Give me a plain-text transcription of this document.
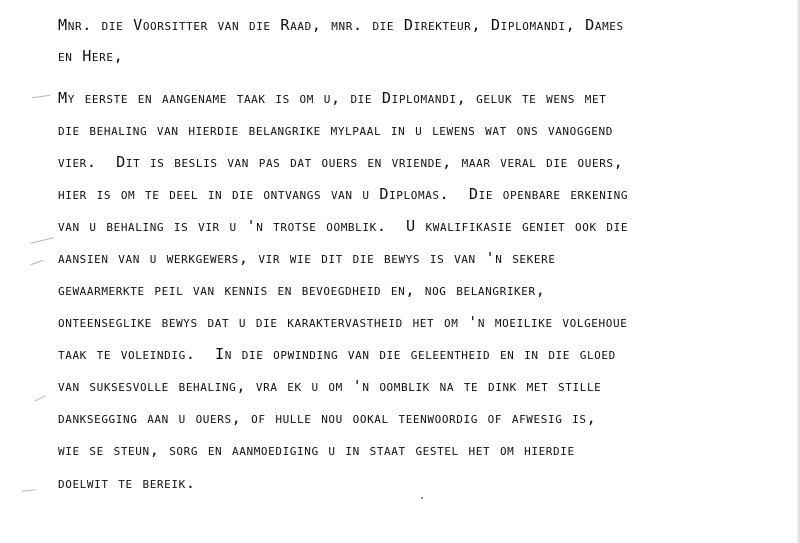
Mnr. die Voorsitter van die Raad, mnr. die Direkteur, Diplomandi, Dames
en Here,
My eerste en aangename taak is om u, die Diplomandi, geluk te wens met
die behaling van hierdie belangrike mylpaal in u lewens wat ons vanoggend
vier.  Dit is beslis van pas dat ouers en vriende, maar veral die ouers,
hier is om te deel in die ontvangs van u Diplomas.  Die openbare erkening
van u behaling is vir u 'n trotse oomblik.  U kwalifikasie geniet ook die
aansien van u werkgewers, vir wie dit die bewys is van 'n sekere
gewaarmerkte peil van kennis en bevoegdheid en, nog belangriker,
onteenseglike bewys dat u die karaktervastheid het om 'n moeilike volgehoue
taak te voleindig.  In die opwinding van die geleentheid en in die gloed
van suksesvolle behaling, vra ek u om 'n oomblik na te dink met stille
danksegging aan u ouers, of hulle nou ookal teenwoordig of afwesig is,
wie se steun, sorg en aanmoediging u in staat gestel het om hierdie
doelwit te bereik.
